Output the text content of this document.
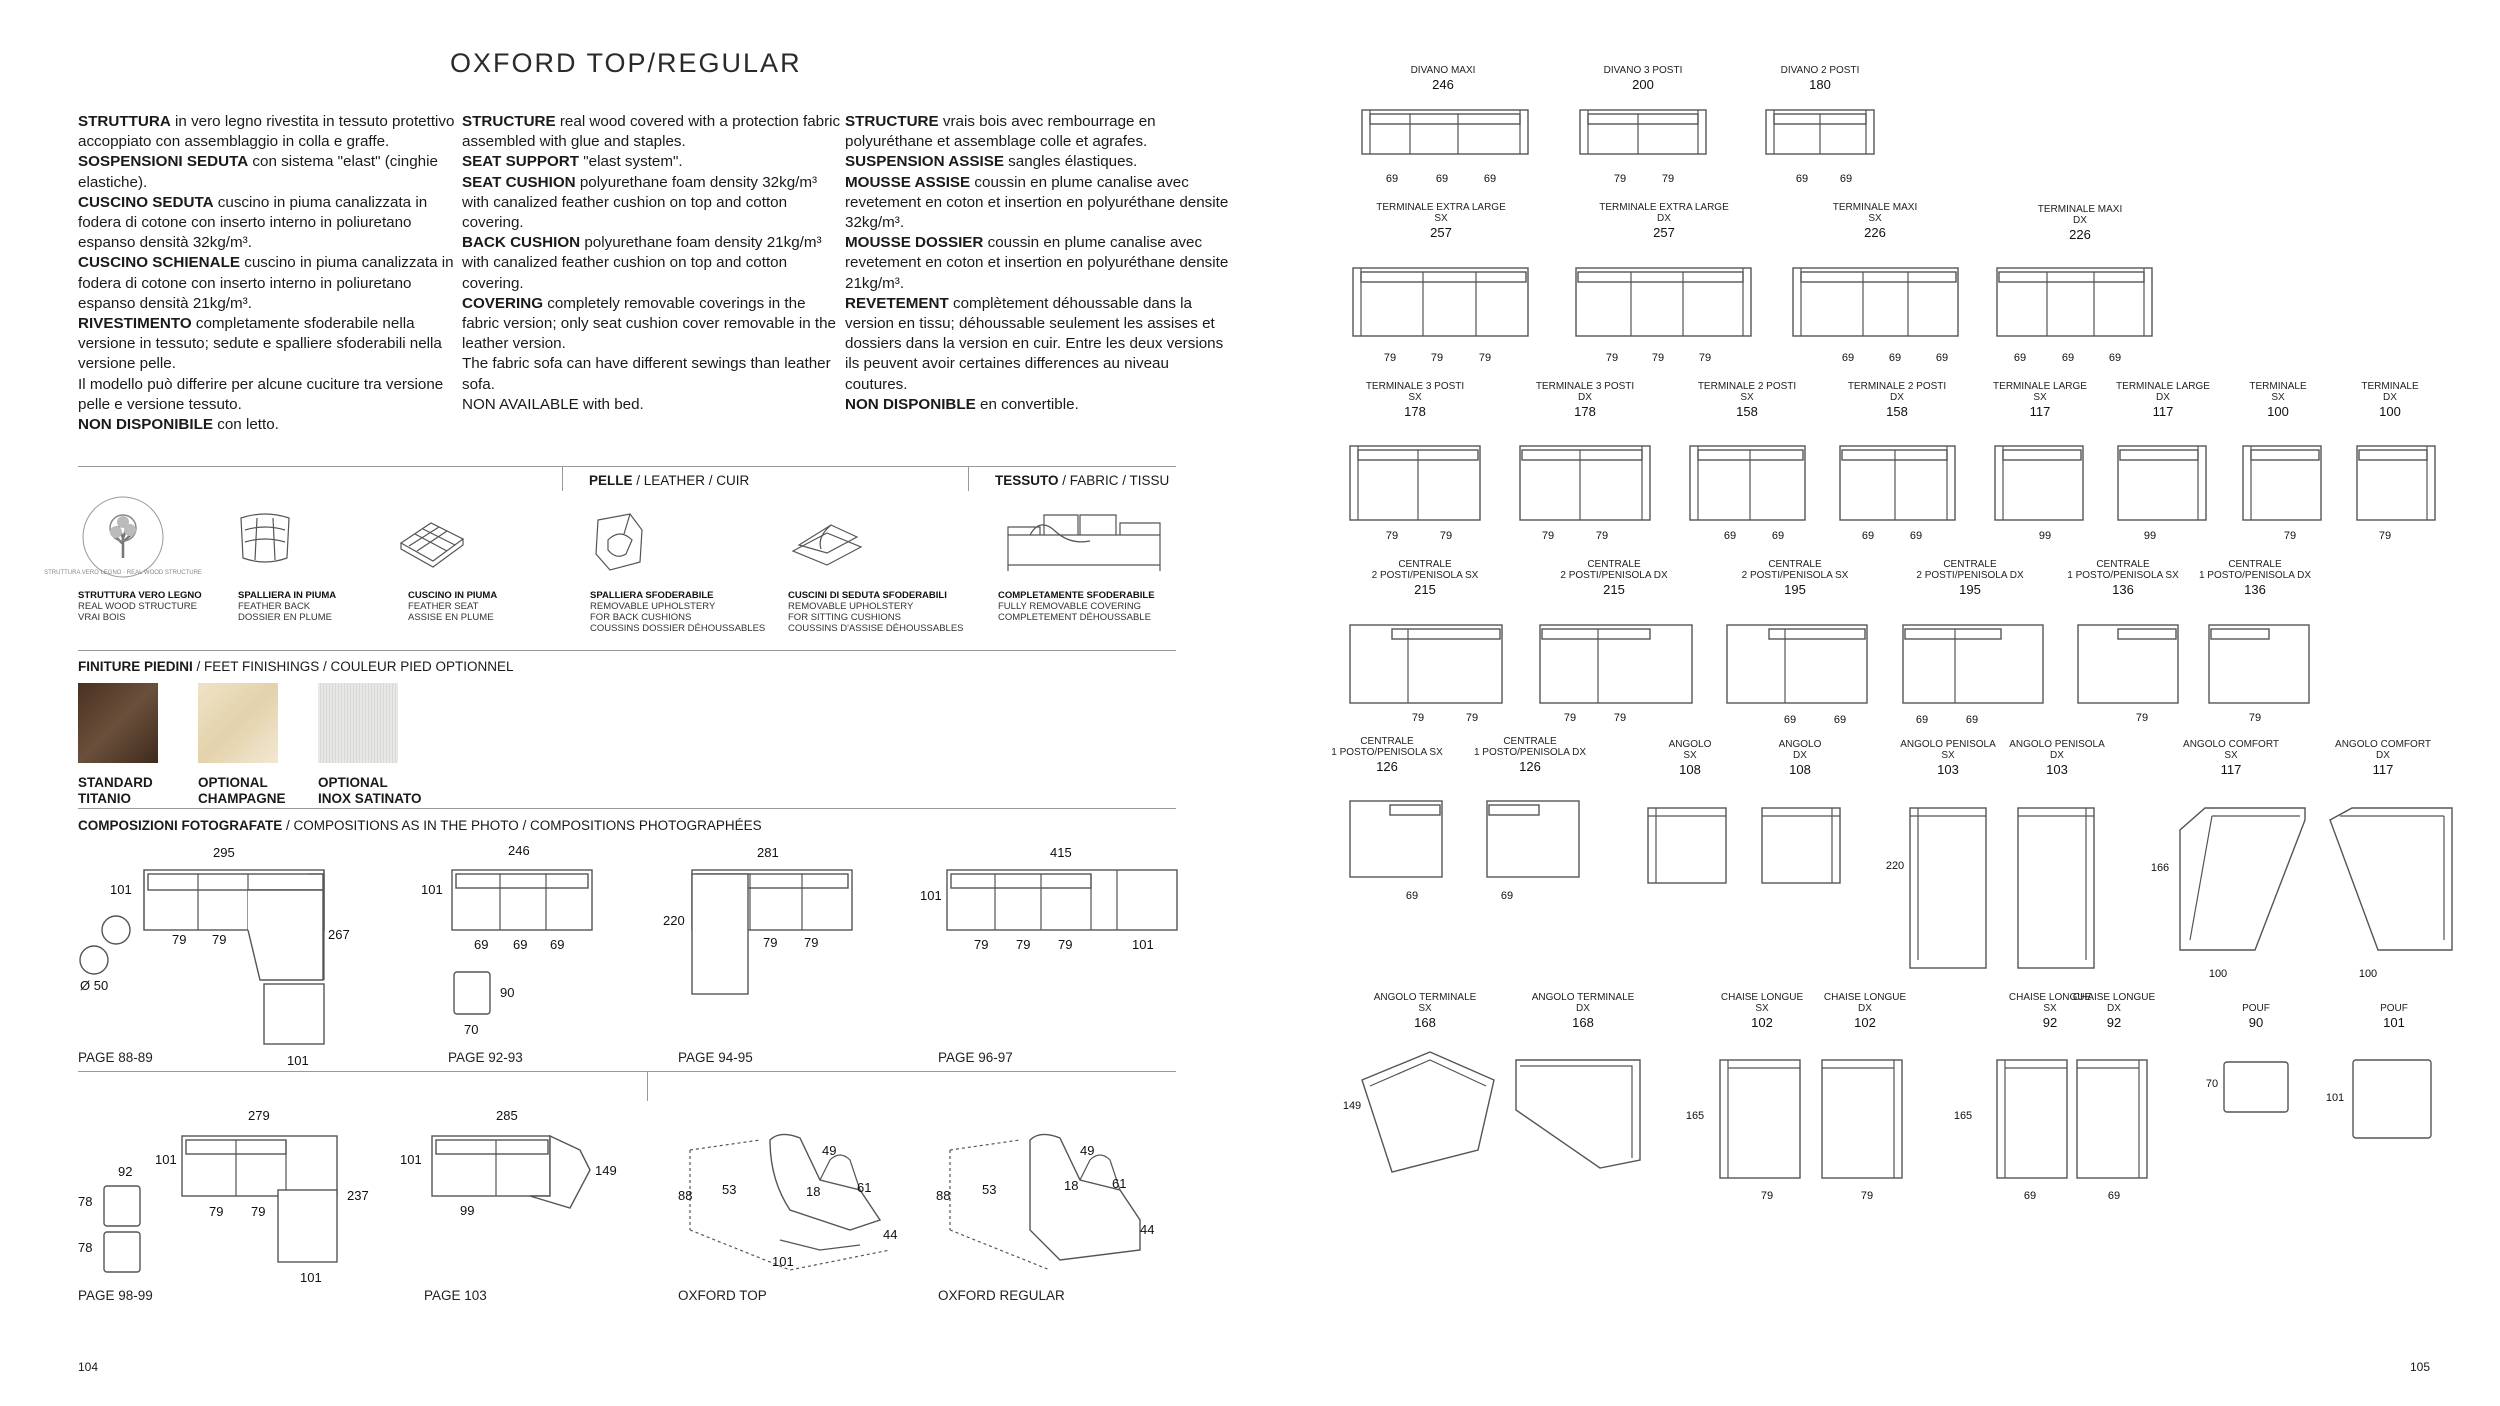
OXFORD TOP/REGULAR

STRUTTURA in vero legno rivestita in tessuto protettivo accoppiato con assemblaggio in colla e graffe.

SOSPENSIONI SEDUTA con sistema "elast" (cinghie elastiche).

CUSCINO SEDUTA cuscino in piuma canalizzata in fodera di cotone con inserto interno in poliuretano espanso densità 32kg/m³.

CUSCINO SCHIENALE cuscino in piuma canalizzata in fodera di cotone con inserto interno in poliuretano espanso densità 21kg/m³.

RIVESTIMENTO completamente sfoderabile nella versione in tessuto; sedute e spalliere sfoderabili nella versione pelle.

Il modello può differire per alcune cuciture tra versione pelle e versione tessuto.

NON DISPONIBILE con letto.

STRUCTURE real wood covered with a protection fabric assembled with glue and staples.

SEAT SUPPORT "elast system".

SEAT CUSHION polyurethane foam density 32kg/m³ with canalized feather cushion on top and cotton covering.

BACK CUSHION polyurethane foam density 21kg/m³ with canalized feather cushion on top and cotton covering.

COVERING completely removable coverings in the fabric version; only seat cushion cover removable in the leather version.

The fabric sofa can have different sewings than leather sofa.

NON AVAILABLE with bed.

STRUCTURE vrais bois avec rembourrage en polyuréthane et assemblage colle et agrafes.

SUSPENSION ASSISE sangles élastiques.

MOUSSE ASSISE coussin en plume canalise avec revetement en coton et insertion en polyuréthane densite 32kg/m³.

MOUSSE DOSSIER coussin en plume canalise avec revetement en coton et insertion en polyuréthane densite 21kg/m³.

REVETEMENT complètement déhoussable dans la version en tissu; déhoussable seulement les assises et dossiers dans la version en cuir. Entre les deux versions ils peuvent avoir certaines differences au niveau coutures.

NON DISPONIBLE en convertible.

PELLE / LEATHER / CUIR	TESSUTO / FABRIC / TISSU
STRUTTURA VERO LEGNO · REAL WOOD STRUCTURE
STRUTTURA VERO LEGNO
REAL WOOD STRUCTURE
VRAI BOIS
SPALLIERA IN PIUMA
FEATHER BACK
DOSSIER EN PLUME
CUSCINO IN PIUMA
FEATHER SEAT
ASSISE EN PLUME
SPALLIERA SFODERABILE
REMOVABLE UPHOLSTERY
FOR BACK CUSHIONS
COUSSINS DOSSIER DÉHOUSSABLES
CUSCINI DI SEDUTA SFODERABILI
REMOVABLE UPHOLSTERY
FOR SITTING CUSHIONS
COUSSINS D'ASSISE DÉHOUSSABLES
COMPLETAMENTE SFODERABILE
FULLY REMOVABLE COVERING
COMPLETEMENT DÉHOUSSABLE
FINITURE PIEDINI / FEET FINISHINGS / COULEUR PIED OPTIONNEL
STANDARD
TITANIO
OPTIONAL
CHAMPAGNE
OPTIONAL
INOX SATINATO
COMPOSIZIONI FOTOGRAFATE / COMPOSITIONS AS IN THE PHOTO / COMPOSITIONS PHOTOGRAPHÉES
295
101
79 79	267
101
Ø 50
PAGE 88-89
246
101
69 69 69
90
70
PAGE 92-93
281
220
79 79
PAGE 94-95
415
101
79 79 79	101
PAGE 96-97
279
101
79 79
237
101
92
78
78
PAGE 98-99
285
101
149
99
PAGE 103
49
88 53	18	61
44
101
OXFORD TOP
49
88 53	18	61
44
OXFORD REGULAR
DIVANO MAXI
246
DIVANO 3 POSTI
200
DIVANO 2 POSTI
180
TERMINALE EXTRA LARGE
SX
257
TERMINALE EXTRA LARGE
DX
257
TERMINALE MAXI
SX
226
TERMINALE MAXI
DX
226
TERMINALE 3 POSTI
SX
178
TERMINALE 3 POSTI
DX
178
TERMINALE 2 POSTI
SX
158
TERMINALE 2 POSTI
DX
158
TERMINALE LARGE
SX
117
TERMINALE LARGE
DX
117
TERMINALE
SX
100
TERMINALE
DX
100
CENTRALE
2 POSTI/PENISOLA SX
215
CENTRALE
2 POSTI/PENISOLA DX
215
CENTRALE
2 POSTI/PENISOLA SX
195
CENTRALE
2 POSTI/PENISOLA DX
195
CENTRALE
1 POSTO/PENISOLA SX
136
CENTRALE
1 POSTO/PENISOLA DX
136
CENTRALE
1 POSTO/PENISOLA SX
126
CENTRALE
1 POSTO/PENISOLA DX
126
ANGOLO
SX
108
ANGOLO
DX
108
ANGOLO PENISOLA
SX
103
ANGOLO PENISOLA
DX
103
ANGOLO COMFORT
SX
117
ANGOLO COMFORT
DX
117
ANGOLO TERMINALE
SX
168
ANGOLO TERMINALE
DX
168
CHAISE LONGUE
SX
102
CHAISE LONGUE
DX
102
CHAISE LONGUE
SX
92
CHAISE LONGUE
DX
92
POUF
90
POUF
101
69	69	69	79	79	69	69
79	79	79	79	79	79	69	69	69	69	69	69
79	79	79	79	69	69	69	69	99	99	79	79
79	79	79	79	69	69	69	69	79	79
69	69
220	166
100	100
149
165
79	79
165
69	69
70
101
104	105
